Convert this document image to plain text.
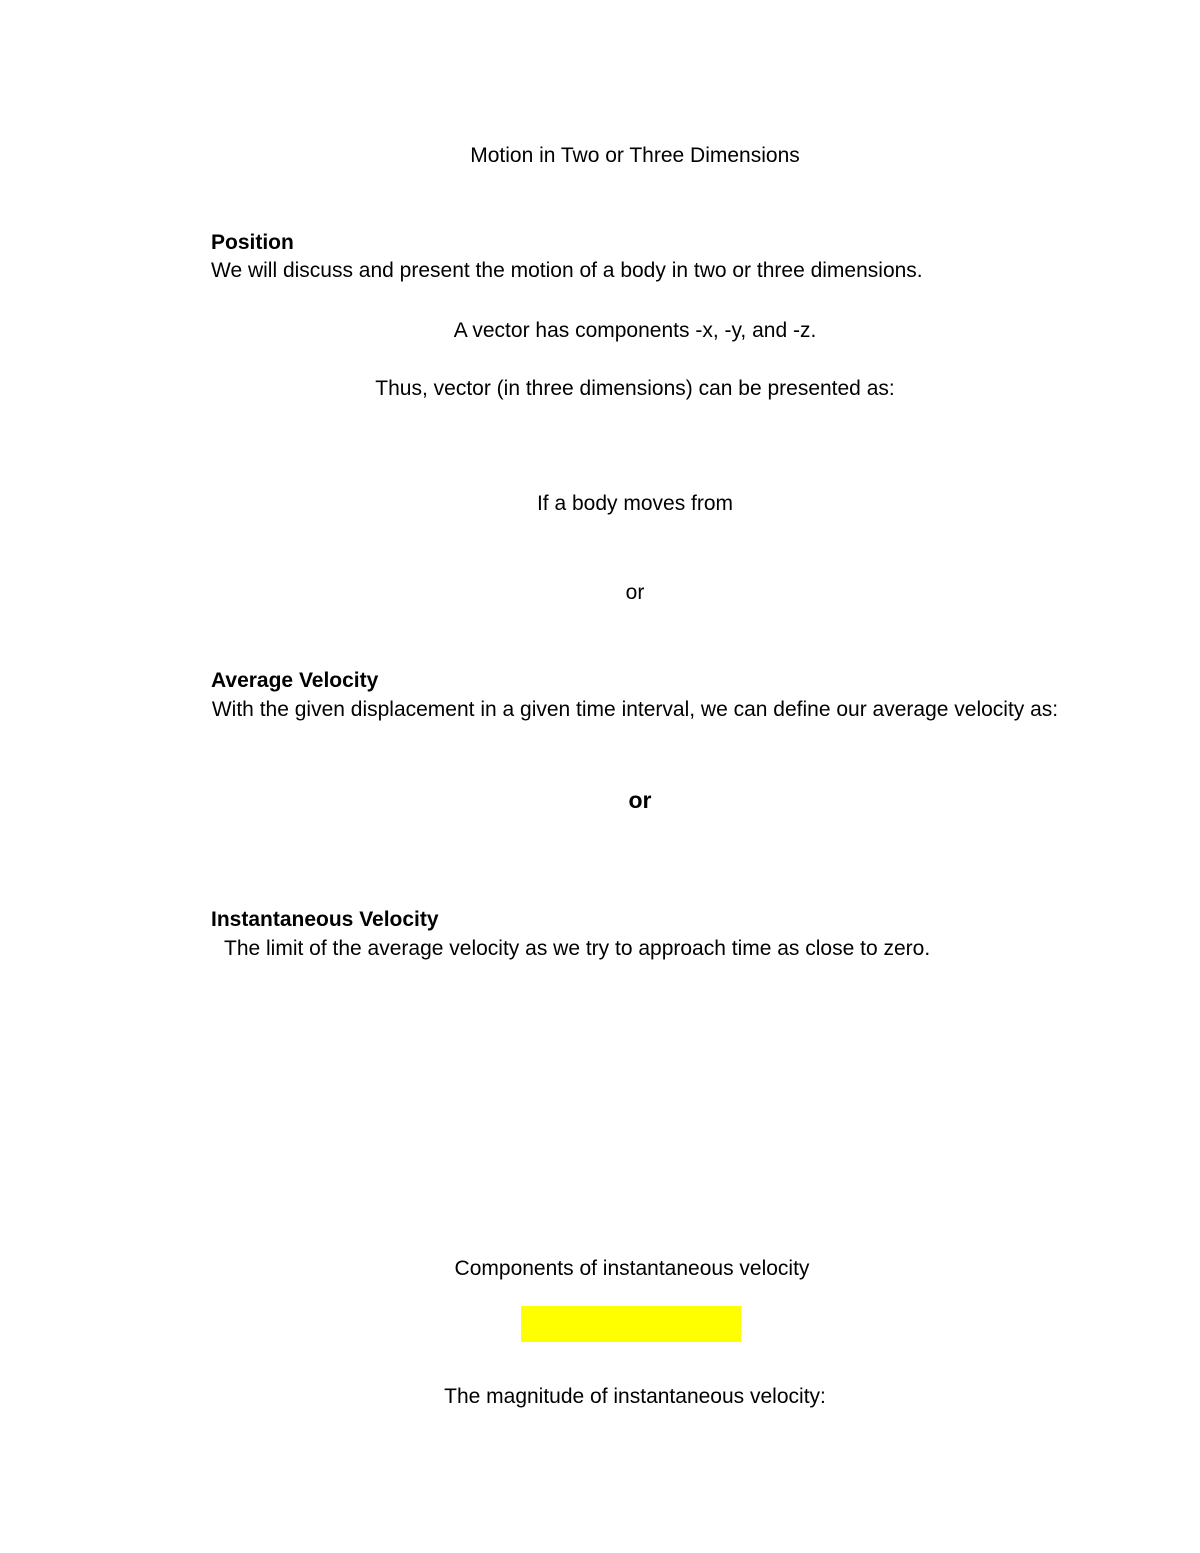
Motion in Two or Three Dimensions
Position
We will discuss and present the motion of a body in two or three dimensions.
A vector has components -x, -y, and -z.
Thus, vector (in three dimensions) can be presented as:
If a body moves from
or
Average Velocity
With the given displacement in a given time interval, we can define our average velocity as:
or
Instantaneous Velocity
The limit of the average velocity as we try to approach time as close to zero.
Components of instantaneous velocity
The magnitude of instantaneous velocity:
